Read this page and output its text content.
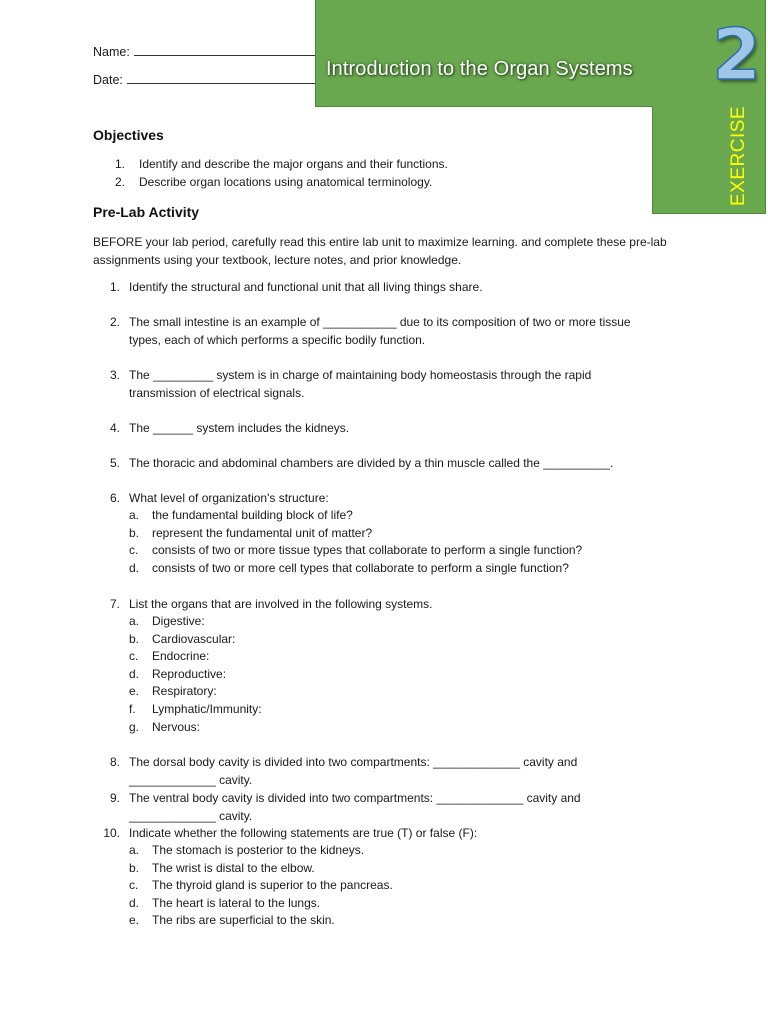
Name:
Date:	Introduction to the Organ Systems 2
EXERCISE
Objectives
1. Identify and describe the major organs and their functions.
2. Describe organ locations using anatomical terminology.
Pre-Lab Activity

BEFORE your lab period, carefully read this entire lab unit to maximize learning. and complete these pre-lab assignments using your textbook, lecture notes, and prior knowledge.

1. Identify the structural and functional unit that all living things share.
2. The small intestine is an example of ___________ due to its composition of two or more tissue types, each of which performs a specific bodily function.
3. The _________ system is in charge of maintaining body homeostasis through the rapid transmission of electrical signals.
4. The ______ system includes the kidneys.
5. The thoracic and abdominal chambers are divided by a thin muscle called the __________.
6. What level of organization's structure:
a. the fundamental building block of life?
b. represent the fundamental unit of matter?
c. consists of two or more tissue types that collaborate to perform a single function?
d. consists of two or more cell types that collaborate to perform a single function?
7. List the organs that are involved in the following systems.
a. Digestive:
b. Cardiovascular:
c. Endocrine:
d. Reproductive:
e. Respiratory:
f. Lymphatic/Immunity:
g. Nervous:
8. The dorsal body cavity is divided into two compartments: _____________ cavity and _____________ cavity.
9. The ventral body cavity is divided into two compartments: _____________ cavity and _____________ cavity.
10. Indicate whether the following statements are true (T) or false (F):
a. The stomach is posterior to the kidneys.
b. The wrist is distal to the elbow.
c. The thyroid gland is superior to the pancreas.
d. The heart is lateral to the lungs.
e. The ribs are superficial to the skin.
